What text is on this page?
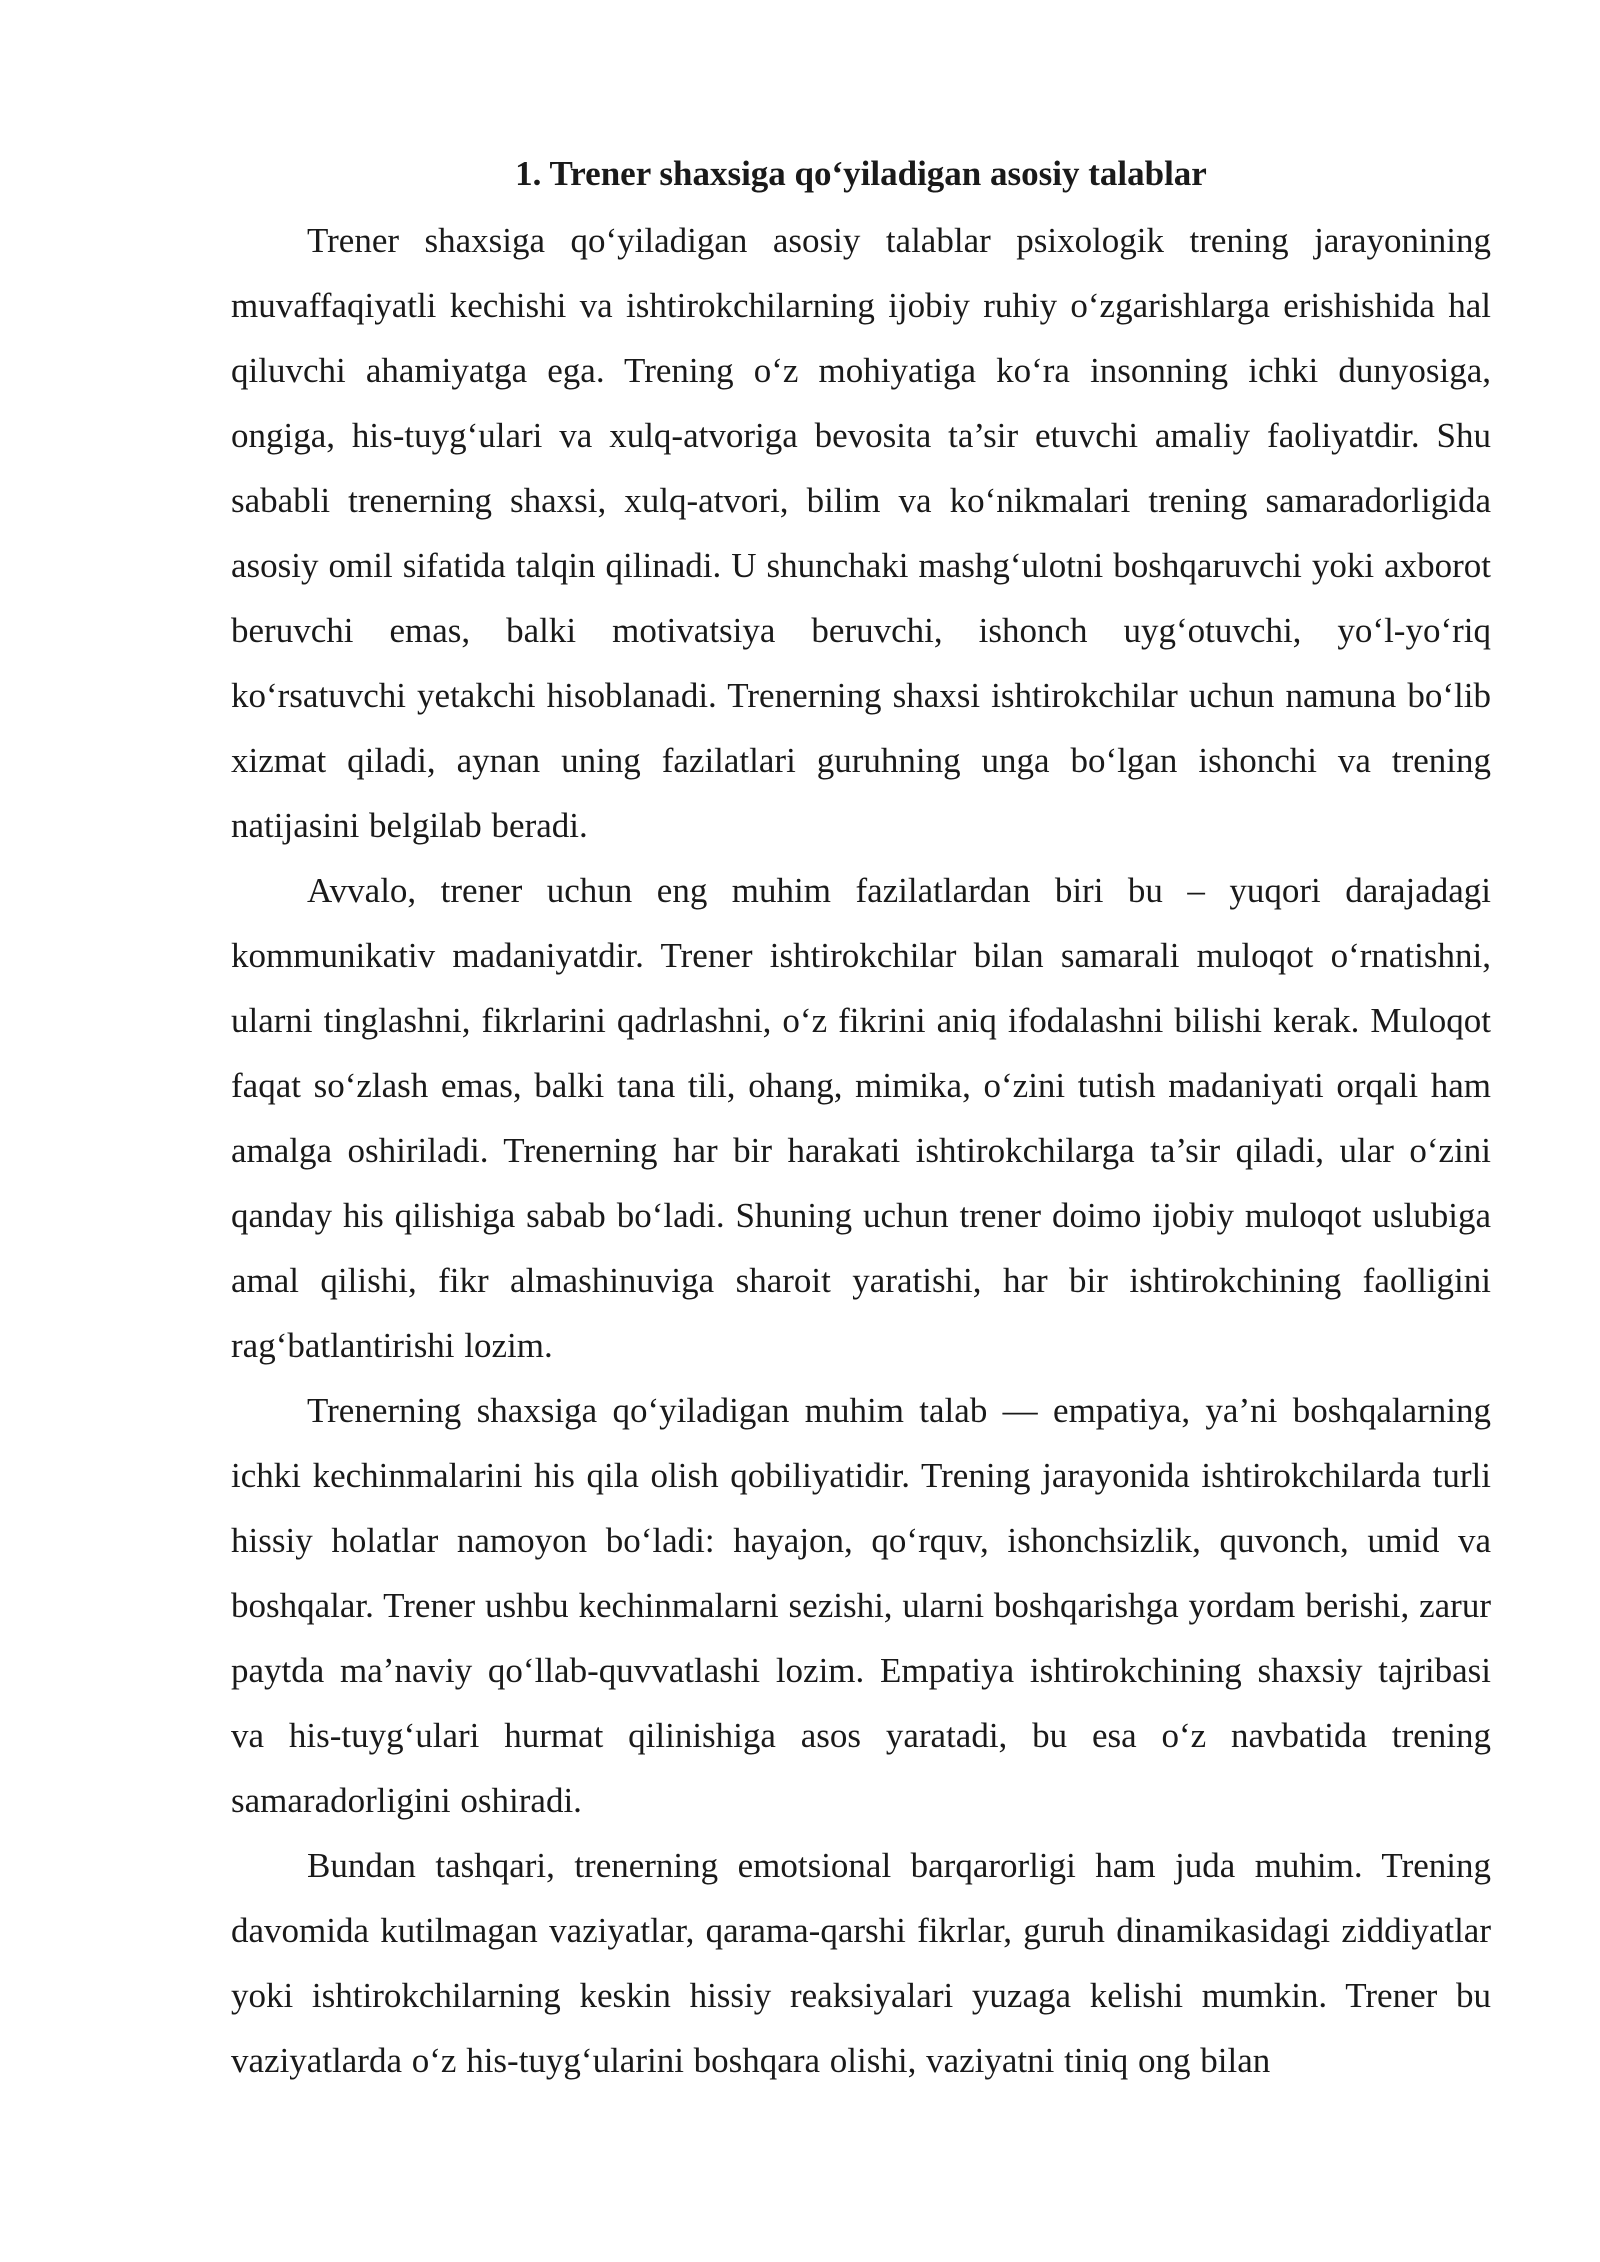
1. Trener shaxsiga qo‘yiladigan asosiy talablar

Trener shaxsiga qo‘yiladigan asosiy talablar psixologik trening jarayonining muvaffaqiyatli kechishi va ishtirokchilarning ijobiy ruhiy o‘zgarishlarga erishishida hal qiluvchi ahamiyatga ega. Trening o‘z mohiyatiga ko‘ra insonning ichki dunyosiga, ongiga, his-tuyg‘ulari va xulq-atvoriga bevosita ta’sir etuvchi amaliy faoliyatdir. Shu sababli trenerning shaxsi, xulq-atvori, bilim va ko‘nikmalari trening samaradorligida asosiy omil sifatida talqin qilinadi. U shunchaki mashg‘ulotni boshqaruvchi yoki axborot beruvchi emas, balki motivatsiya beruvchi, ishonch uyg‘otuvchi, yo‘l-yo‘riq ko‘rsatuvchi yetakchi hisoblanadi. Trenerning shaxsi ishtirokchilar uchun namuna bo‘lib xizmat qiladi, aynan uning fazilatlari guruhning unga bo‘lgan ishonchi va trening natijasini belgilab beradi.

Avvalo, trener uchun eng muhim fazilatlardan biri bu – yuqori darajadagi kommunikativ madaniyatdir. Trener ishtirokchilar bilan samarali muloqot o‘rnatishni, ularni tinglashni, fikrlarini qadrlashni, o‘z fikrini aniq ifodalashni bilishi kerak. Muloqot faqat so‘zlash emas, balki tana tili, ohang, mimika, o‘zini tutish madaniyati orqali ham amalga oshiriladi. Trenerning har bir harakati ishtirokchilarga ta’sir qiladi, ular o‘zini qanday his qilishiga sabab bo‘ladi. Shuning uchun trener doimo ijobiy muloqot uslubiga amal qilishi, fikr almashinuviga sharoit yaratishi, har bir ishtirokchining faolligini rag‘batlantirishi lozim.

Trenerning shaxsiga qo‘yiladigan muhim talab — empatiya, ya’ni boshqalarning ichki kechinmalarini his qila olish qobiliyatidir. Trening jarayonida ishtirokchilarda turli hissiy holatlar namoyon bo‘ladi: hayajon, qo‘rquv, ishonchsizlik, quvonch, umid va boshqalar. Trener ushbu kechinmalarni sezishi, ularni boshqarishga yordam berishi, zarur paytda ma’naviy qo‘llab-quvvatlashi lozim. Empatiya ishtirokchining shaxsiy tajribasi va his-tuyg‘ulari hurmat qilinishiga asos yaratadi, bu esa o‘z navbatida trening samaradorligini oshiradi.

Bundan tashqari, trenerning emotsional barqarorligi ham juda muhim. Trening davomida kutilmagan vaziyatlar, qarama-qarshi fikrlar, guruh dinamikasidagi ziddiyatlar yoki ishtirokchilarning keskin hissiy reaksiyalari yuzaga kelishi mumkin. Trener bu vaziyatlarda o‘z his-tuyg‘ularini boshqara olishi, vaziyatni tiniq ong bilan
